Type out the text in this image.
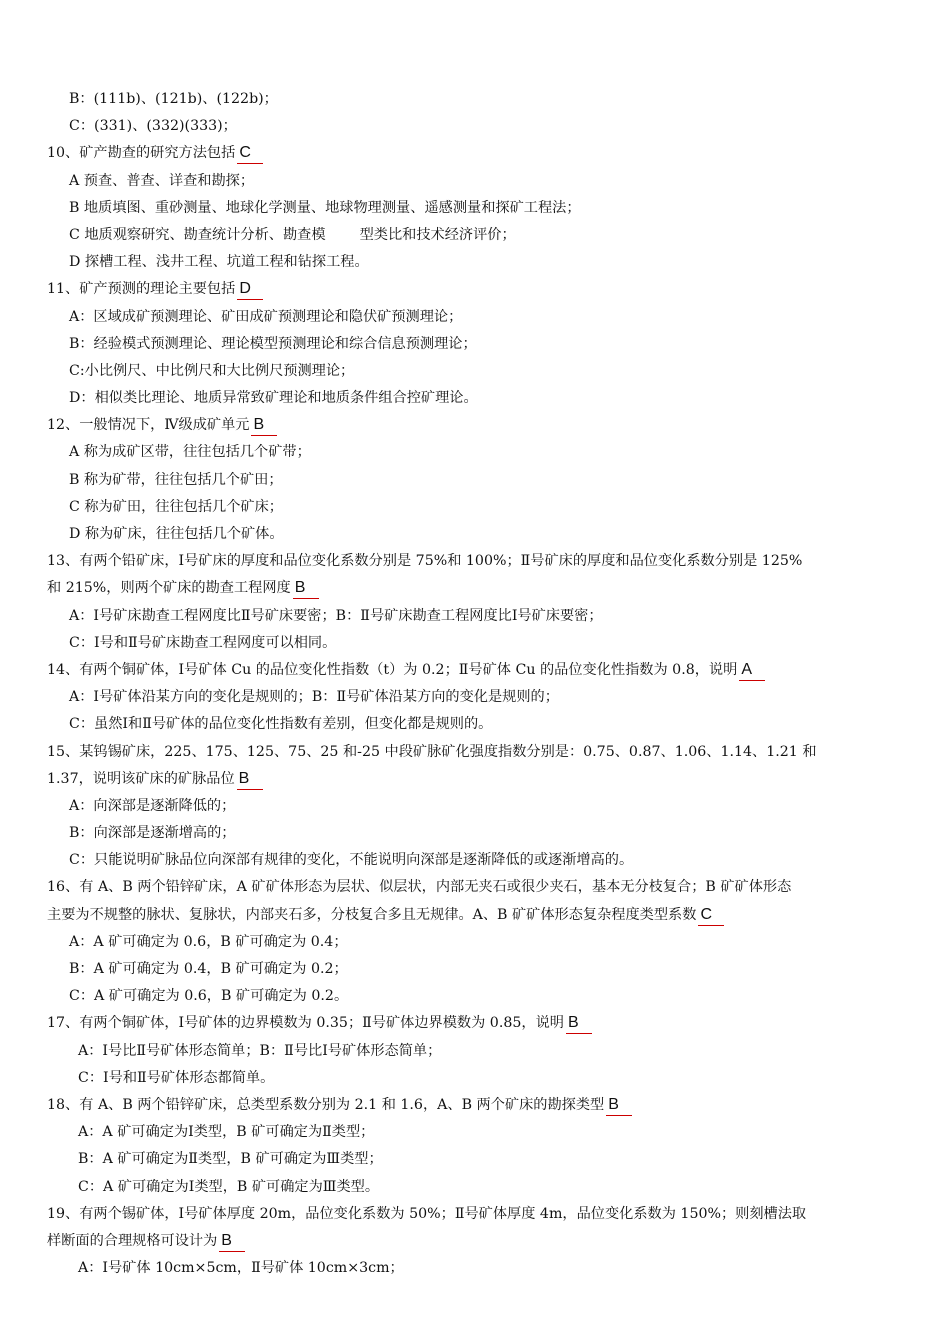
B：(111b)、(121b)、(122b)；
C：(331)、(332)(333)；
10、矿产勘查的研究方法包括 C
A 预查、普查、详查和勘探；
B 地质填图、重砂测量、地球化学测量、地球物理测量、遥感测量和探矿工程法；
C 地质观察研究、勘查统计分析、勘查模 型类比和技术经济评价；
D 探槽工程、浅井工程、坑道工程和钻探工程。
11、矿产预测的理论主要包括 D
A：区域成矿预测理论、矿田成矿预测理论和隐伏矿预测理论；
B：经验模式预测理论、理论模型预测理论和综合信息预测理论；
C:小比例尺、中比例尺和大比例尺预测理论；
D：相似类比理论、地质异常致矿理论和地质条件组合控矿理论。
12、一般情况下，Ⅳ级成矿单元 B
A 称为成矿区带，往往包括几个矿带；
B 称为矿带，往往包括几个矿田；
C 称为矿田，往往包括几个矿床；
D 称为矿床，往往包括几个矿体。
13、有两个铅矿床，Ⅰ号矿床的厚度和品位变化系数分别是 75%和 100%；Ⅱ号矿床的厚度和品位变化系数分别是 125%
和 215%，则两个矿床的勘查工程网度 B
A：Ⅰ号矿床勘查工程网度比Ⅱ号矿床要密；B：Ⅱ号矿床勘查工程网度比Ⅰ号矿床要密；
C：Ⅰ号和Ⅱ号矿床勘查工程网度可以相同。
14、有两个铜矿体，Ⅰ号矿体 Cu 的品位变化性指数（t）为 0.2；Ⅱ号矿体 Cu 的品位变化性指数为 0.8，说明 A
A：Ⅰ号矿体沿某方向的变化是规则的；B：Ⅱ号矿体沿某方向的变化是规则的；
C：虽然Ⅰ和Ⅱ号矿体的品位变化性指数有差别，但变化都是规则的。
15、某钨锡矿床，225、175、125、75、25 和-25 中段矿脉矿化强度指数分别是：0.75、0.87、1.06、1.14、1.21 和
1.37，说明该矿床的矿脉品位 B
A：向深部是逐渐降低的；
B：向深部是逐渐增高的；
C：只能说明矿脉品位向深部有规律的变化，不能说明向深部是逐渐降低的或逐渐增高的。
16、有 A、B 两个铅锌矿床，A 矿矿体形态为层状、似层状，内部无夹石或很少夹石，基本无分枝复合；B 矿矿体形态
主要为不规整的脉状、复脉状，内部夹石多，分枝复合多且无规律。A、B 矿矿体形态复杂程度类型系数 C
A：A 矿可确定为 0.6，B 矿可确定为 0.4；
B：A 矿可确定为 0.4，B 矿可确定为 0.2；
C：A 矿可确定为 0.6，B 矿可确定为 0.2。
17、有两个铜矿体，Ⅰ号矿体的边界模数为 0.35；Ⅱ号矿体边界模数为 0.85，说明 B
A：Ⅰ号比Ⅱ号矿体形态简单；B：Ⅱ号比Ⅰ号矿体形态简单；
C：Ⅰ号和Ⅱ号矿体形态都简单。
18、有 A、B 两个铅锌矿床，总类型系数分别为 2.1 和 1.6，A、B 两个矿床的勘探类型 B
A：A 矿可确定为Ⅰ类型，B 矿可确定为Ⅱ类型；
B：A 矿可确定为Ⅱ类型，B 矿可确定为Ⅲ类型；
C：A 矿可确定为Ⅰ类型，B 矿可确定为Ⅲ类型。
19、有两个锡矿体，Ⅰ号矿体厚度 20m，品位变化系数为 50%；Ⅱ号矿体厚度 4m，品位变化系数为 150%；则刻槽法取
样断面的合理规格可设计为 B
A：Ⅰ号矿体 10cm×5cm，Ⅱ号矿体 10cm×3cm；
